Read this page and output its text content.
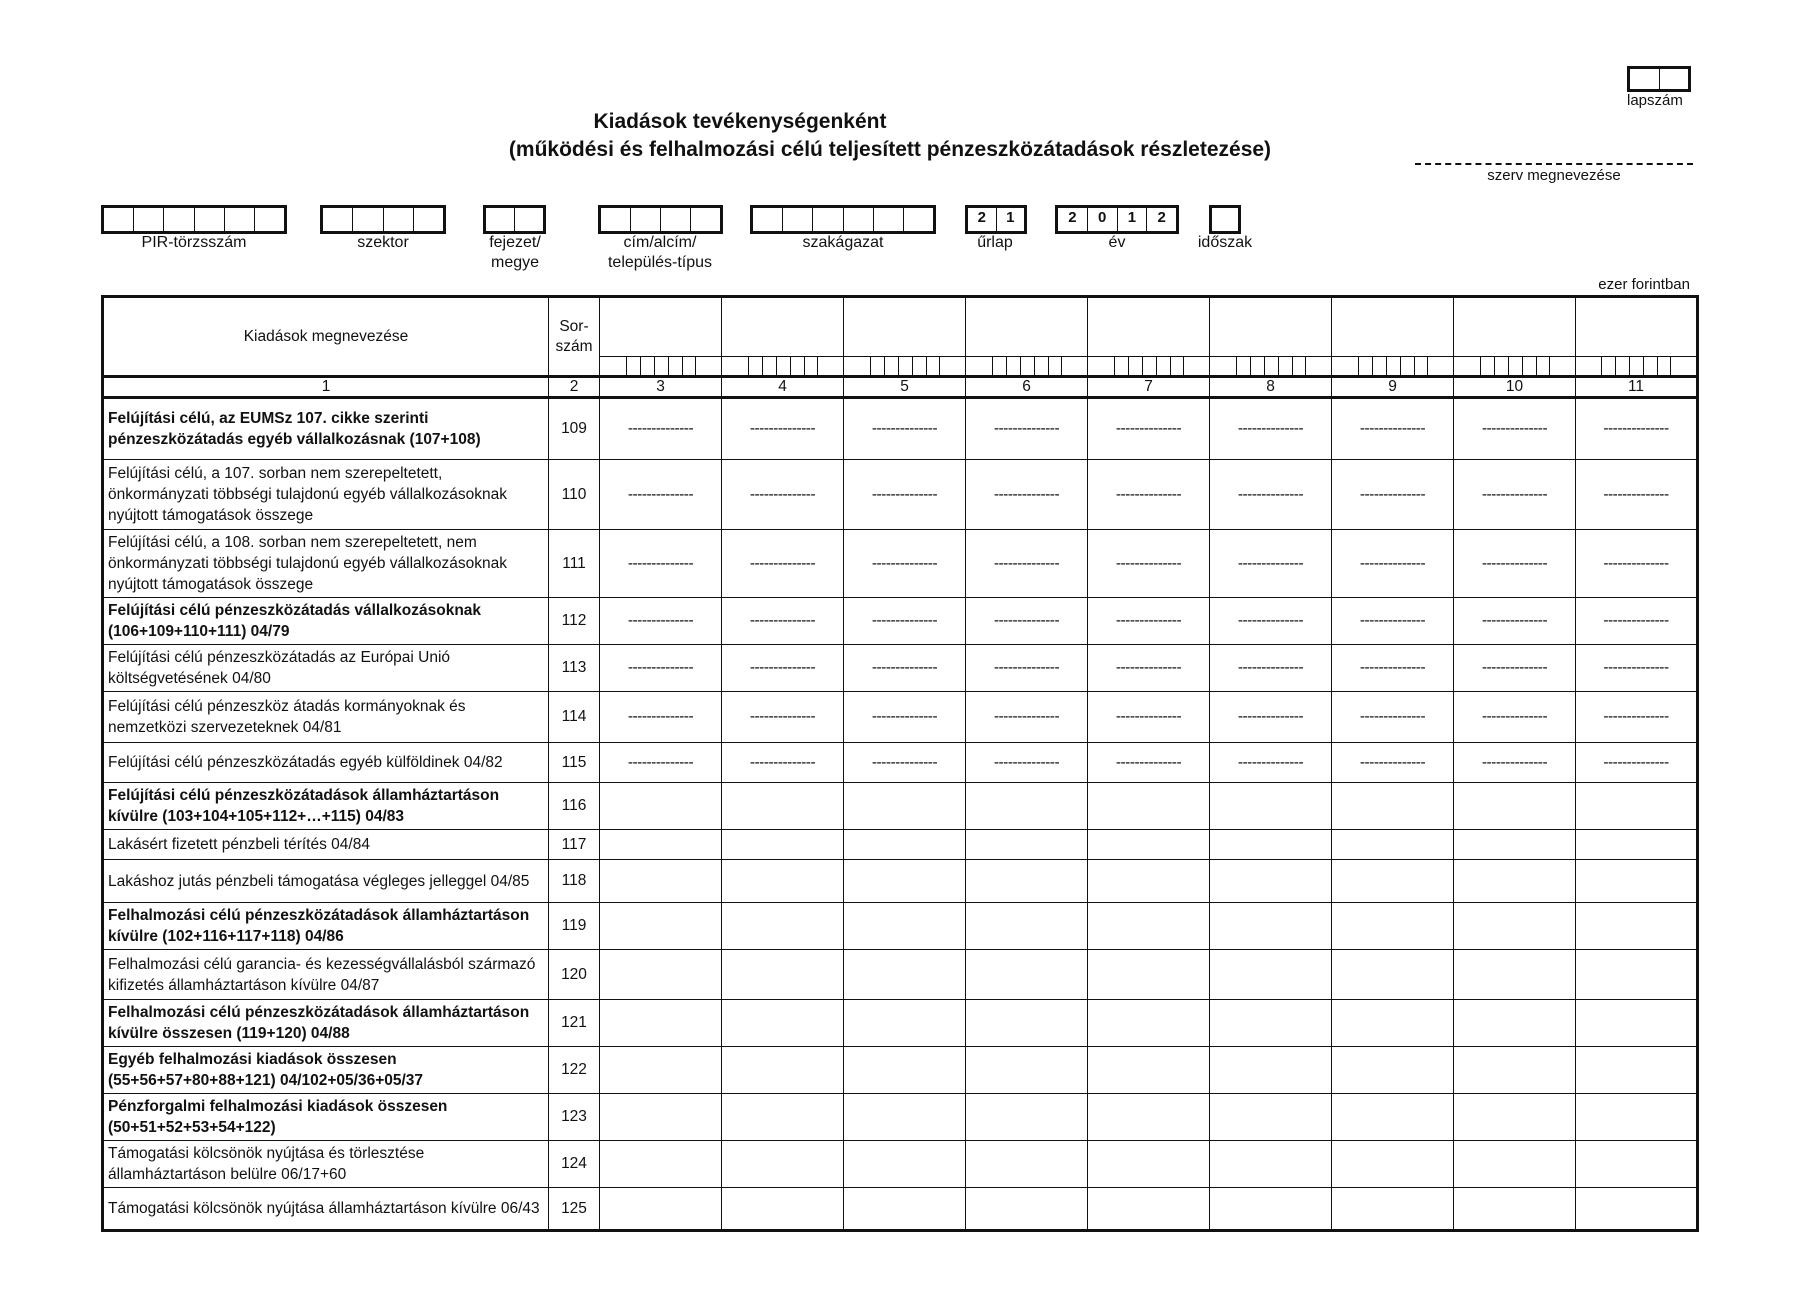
lapszám
Kiadások tevékenységenként
(működési és felhalmozási célú teljesített pénzeszközátadások részletezése)
szerv megnevezése
PIR-törzsszám	szektor	fejezet/
megye
cím/alcím/
település-típus
szakágazat
2	1
űrlap
2	0	1	2
év	időszak
ezer forintban
Kiadások megnevezése	Sor-
szám									

1	2	3	4	5	6	7	8	9	10	11
Felújítási célú, az EUMSz 107. cikke szerinti pénzeszközátadás egyéb vállalkozásnak (107+108)	109	--------------	--------------	--------------	--------------	--------------	--------------	--------------	--------------	--------------
Felújítási célú, a 107. sorban nem szerepeltetett, önkormányzati többségi tulajdonú egyéb vállalkozásoknak nyújtott támogatások összege	110	--------------	--------------	--------------	--------------	--------------	--------------	--------------	--------------	--------------
Felújítási célú, a 108. sorban nem szerepeltetett, nem önkormányzati többségi tulajdonú egyéb vállalkozásoknak nyújtott támogatások összege	111	--------------	--------------	--------------	--------------	--------------	--------------	--------------	--------------	--------------
Felújítási célú pénzeszközátadás vállalkozásoknak (106+109+110+111) 04/79	112	--------------	--------------	--------------	--------------	--------------	--------------	--------------	--------------	--------------
Felújítási célú pénzeszközátadás az Európai Unió költségvetésének 04/80	113	--------------	--------------	--------------	--------------	--------------	--------------	--------------	--------------	--------------
Felújítási célú pénzeszköz átadás kormányoknak és nemzetközi szervezeteknek 04/81	114	--------------	--------------	--------------	--------------	--------------	--------------	--------------	--------------	--------------
Felújítási célú pénzeszközátadás egyéb külföldinek 04/82	115	--------------	--------------	--------------	--------------	--------------	--------------	--------------	--------------	--------------
Felújítási célú pénzeszközátadások államháztartáson kívülre (103+104+105+112+…+115) 04/83	116									
Lakásért fizetett pénzbeli térítés 04/84	117									
Lakáshoz jutás pénzbeli támogatása végleges jelleggel 04/85	118									
Felhalmozási célú pénzeszközátadások államháztartáson kívülre (102+116+117+118) 04/86	119									
Felhalmozási célú garancia- és kezességvállalásból származó kifizetés államháztartáson kívülre 04/87	120									
Felhalmozási célú pénzeszközátadások államháztartáson kívülre összesen (119+120) 04/88	121									
Egyéb felhalmozási kiadások összesen (55+56+57+80+88+121) 04/102+05/36+05/37	122									
Pénzforgalmi felhalmozási kiadások összesen (50+51+52+53+54+122)	123									
Támogatási kölcsönök nyújtása és törlesztése államháztartáson belülre 06/17+60	124									
Támogatási kölcsönök nyújtása államháztartáson kívülre 06/43	125									
